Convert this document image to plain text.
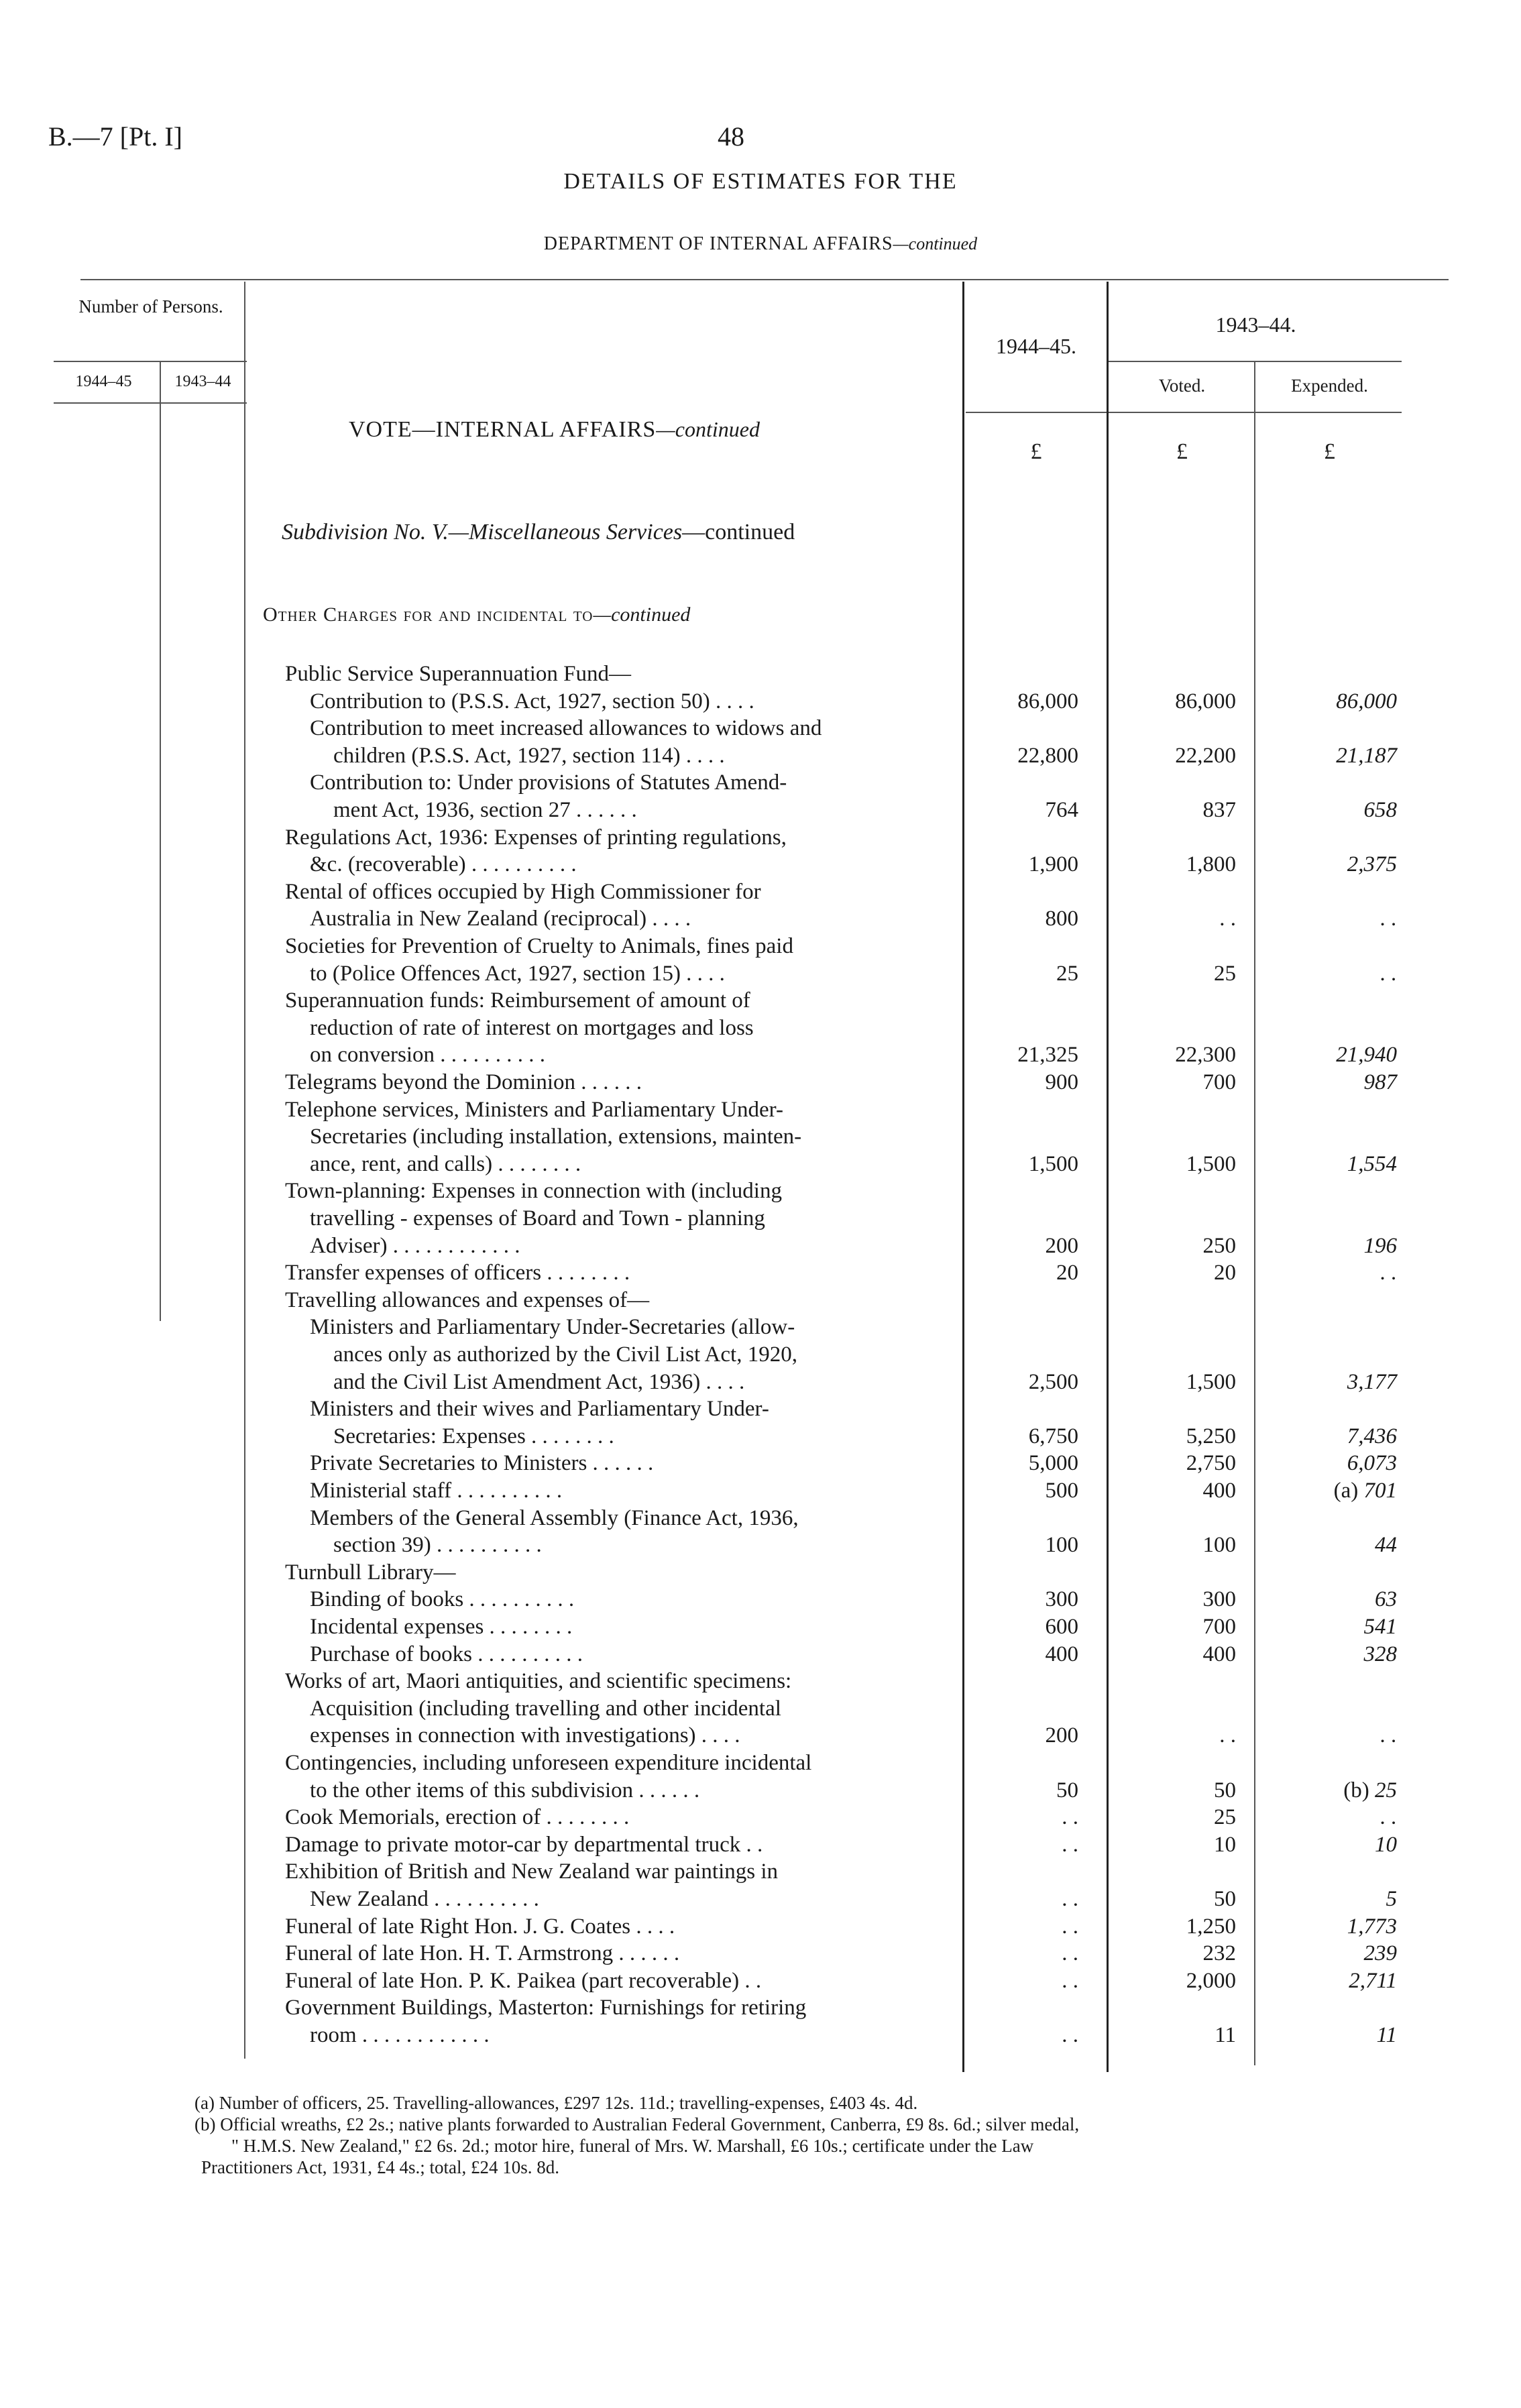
B.—7 [Pt. I]	48
DETAILS OF ESTIMATES FOR THE
DEPARTMENT OF INTERNAL AFFAIRS—continued
Number of Persons.
1944–45	1943–44
1944–45.
1943–44.
Voted.	Expended.
VOTE—INTERNAL AFFAIRS—continued
£	£	£
Subdivision No. V.—Miscellaneous Services—continued
Other Charges for and incidental to—continued
Public Service Superannuation Fund—
Contribution to (P.S.S. Act, 1927, section 50) . . . .	86,000	86,000	86,000
Contribution to meet increased allowances to widows and
children (P.S.S. Act, 1927, section 114) . . . .	22,800	22,200	21,187
Contribution to: Under provisions of Statutes Amend-
ment Act, 1936, section 27 . . . . . .	764	837	658
Regulations Act, 1936: Expenses of printing regulations,
&c. (recoverable) . . . . . . . . . .	1,900	1,800	2,375
Rental of offices occupied by High Commissioner for
Australia in New Zealand (reciprocal) . . . .	800	. .	. .
Societies for Prevention of Cruelty to Animals, fines paid
to (Police Offences Act, 1927, section 15) . . . .	25	25	. .
Superannuation funds: Reimbursement of amount of
reduction of rate of interest on mortgages and loss
on conversion . . . . . . . . . .	21,325	22,300	21,940
Telegrams beyond the Dominion . . . . . .	900	700	987
Telephone services, Ministers and Parliamentary Under-
Secretaries (including installation, extensions, mainten-
ance, rent, and calls) . . . . . . . .	1,500	1,500	1,554
Town-planning: Expenses in connection with (including
travelling - expenses of Board and Town - planning
Adviser) . . . . . . . . . . . .	200	250	196
Transfer expenses of officers . . . . . . . .	20	20	. .
Travelling allowances and expenses of—
Ministers and Parliamentary Under-Secretaries (allow-
ances only as authorized by the Civil List Act, 1920,
and the Civil List Amendment Act, 1936) . . . .	2,500	1,500	3,177
Ministers and their wives and Parliamentary Under-
Secretaries: Expenses . . . . . . . .	6,750	5,250	7,436
Private Secretaries to Ministers . . . . . .	5,000	2,750	6,073
Ministerial staff . . . . . . . . . .	500	400	(a) 701
Members of the General Assembly (Finance Act, 1936,
section 39) . . . . . . . . . .	100	100	44
Turnbull Library—
Binding of books . . . . . . . . . .	300	300	63
Incidental expenses . . . . . . . .	600	700	541
Purchase of books . . . . . . . . . .	400	400	328
Works of art, Maori antiquities, and scientific specimens:
Acquisition (including travelling and other incidental
expenses in connection with investigations) . . . .	200	. .	. .
Contingencies, including unforeseen expenditure incidental
to the other items of this subdivision . . . . . .	50	50	(b) 25
Cook Memorials, erection of . . . . . . . .	. .	25	. .
Damage to private motor-car by departmental truck . .	. .	10	10
Exhibition of British and New Zealand war paintings in
New Zealand . . . . . . . . . .	. .	50	5
Funeral of late Right Hon. J. G. Coates . . . .	. .	1,250	1,773
Funeral of late Hon. H. T. Armstrong . . . . . .	. .	232	239
Funeral of late Hon. P. K. Paikea (part recoverable) . .	. .	2,000	2,711
Government Buildings, Masterton: Furnishings for retiring
room . . . . . . . . . . . .	. .	11	11
(a) Number of officers, 25. Travelling-allowances, £297 12s. 11d.; travelling-expenses, £403 4s. 4d.
(b) Official wreaths, £2 2s.; native plants forwarded to Australian Federal Government, Canberra, £9 8s. 6d.; silver medal,
" H.M.S. New Zealand," £2 6s. 2d.; motor hire, funeral of Mrs. W. Marshall, £6 10s.; certificate under the Law
Practitioners Act, 1931, £4 4s.; total, £24 10s. 8d.
